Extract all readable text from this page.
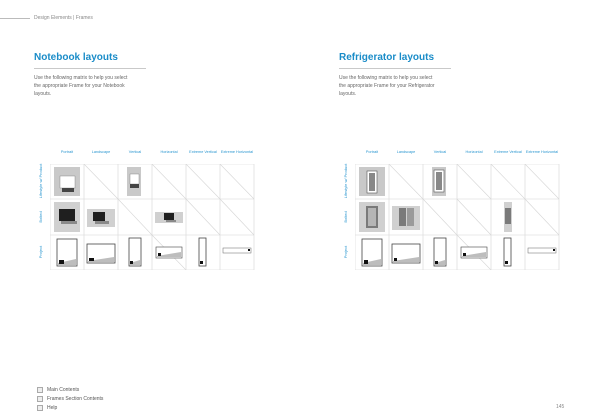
Design Elements | Frames
Notebook layouts
Use the following matrix to help you select the appropriate Frame for your Notebook layouts.
Refrigerator layouts
Use the following matrix to help you select the appropriate Frame for your Refrigerator layouts.
Portrait	Landscape	Vertical	Horizontal	Extreme Vertical	Extreme Horizontal
Lifestyle w/ Product
Bolted
Project
Portrait	Landscape	Vertical	Horizontal	Extreme Vertical	Extreme Horizontal
Lifestyle w/ Product
Bolted
Project
Main Contents
Frames Section Contents
Help	145
